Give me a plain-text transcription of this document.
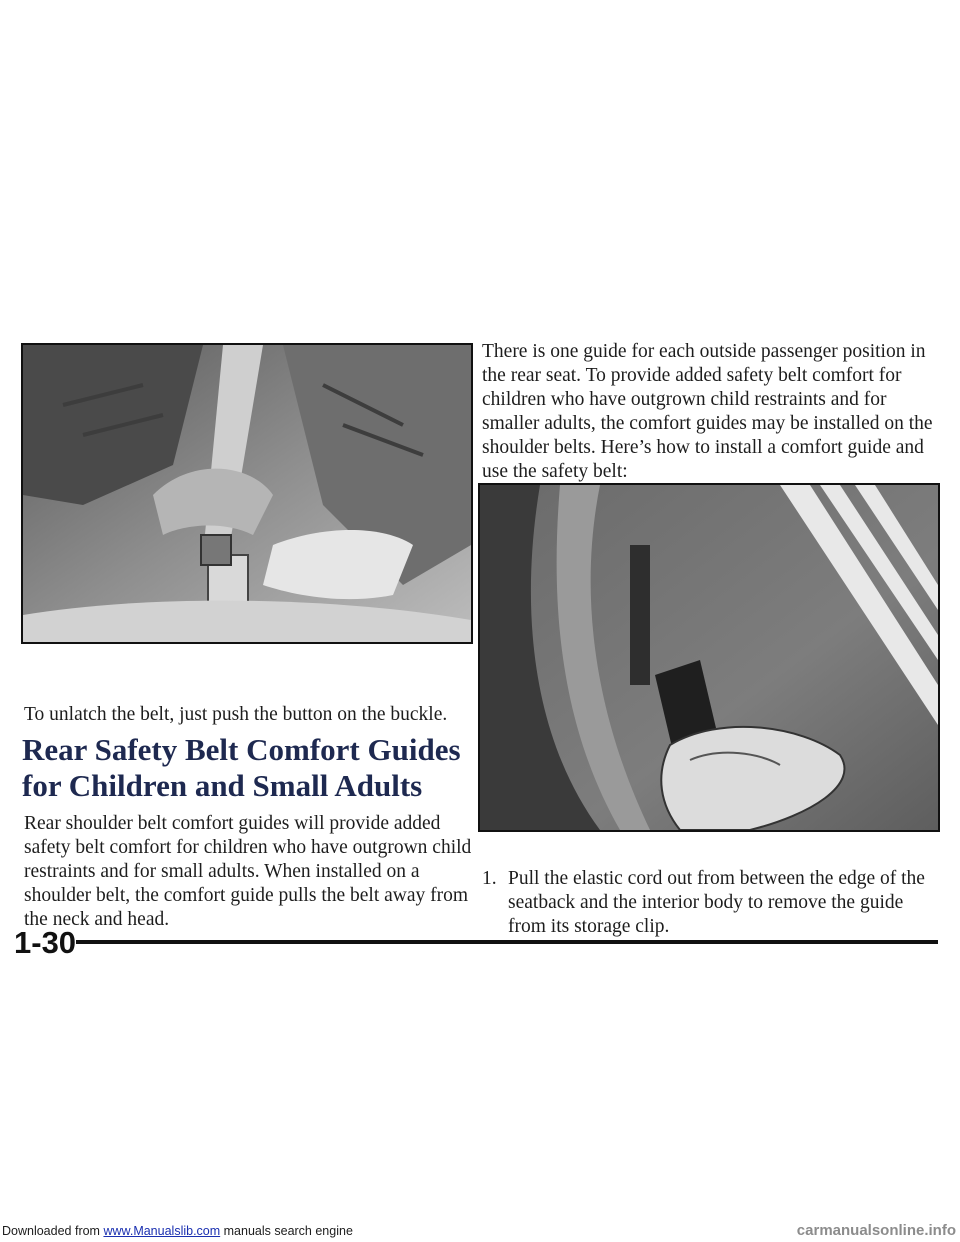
There is one guide for each outside passenger position in the rear seat. To provide added safety belt comfort for children who have outgrown child restraints and for smaller adults, the comfort guides may be installed on the shoulder belts. Here’s how to install a comfort guide and use the safety belt:

To unlatch the belt, just push the button on the buckle.

Rear Safety Belt Comfort Guides for Children and Small Adults

Rear shoulder belt comfort guides will provide added safety belt comfort for children who have outgrown child restraints and for small adults. When installed on a shoulder belt, the comfort guide pulls the belt away from the neck and head.

1. Pull the elastic cord out from between the edge of the seatback and the interior body to remove the guide from its storage clip.
1-30
Downloaded from www.Manualslib.com manuals search engine	carmanualsonline.info
